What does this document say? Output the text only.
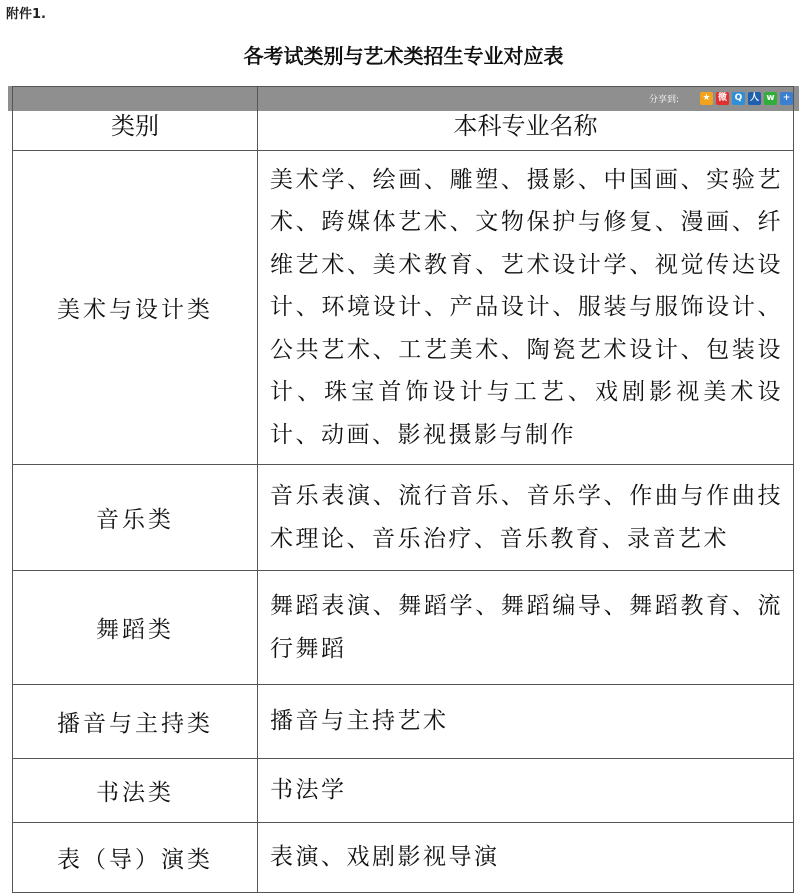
附件1.
各考试类别与艺术类招生专业对应表
分享到:	★ 微 Q 人 w +
类别	本科专业名称
美术与设计类	美术学、绘画、雕塑、摄影、中国画、实验艺术、跨媒体艺术、文物保护与修复、漫画、纤维艺术、美术教育、艺术设计学、视觉传达设计、环境设计、产品设计、服装与服饰设计、公共艺术、工艺美术、陶瓷艺术设计、包装设计、珠宝首饰设计与工艺、戏剧影视美术设计、动画、影视摄影与制作
音乐类	音乐表演、流行音乐、音乐学、作曲与作曲技术理论、音乐治疗、音乐教育、录音艺术
舞蹈类	舞蹈表演、舞蹈学、舞蹈编导、舞蹈教育、流行舞蹈
播音与主持类	播音与主持艺术
书法类	书法学
表（导）演类	表演、戏剧影视导演
